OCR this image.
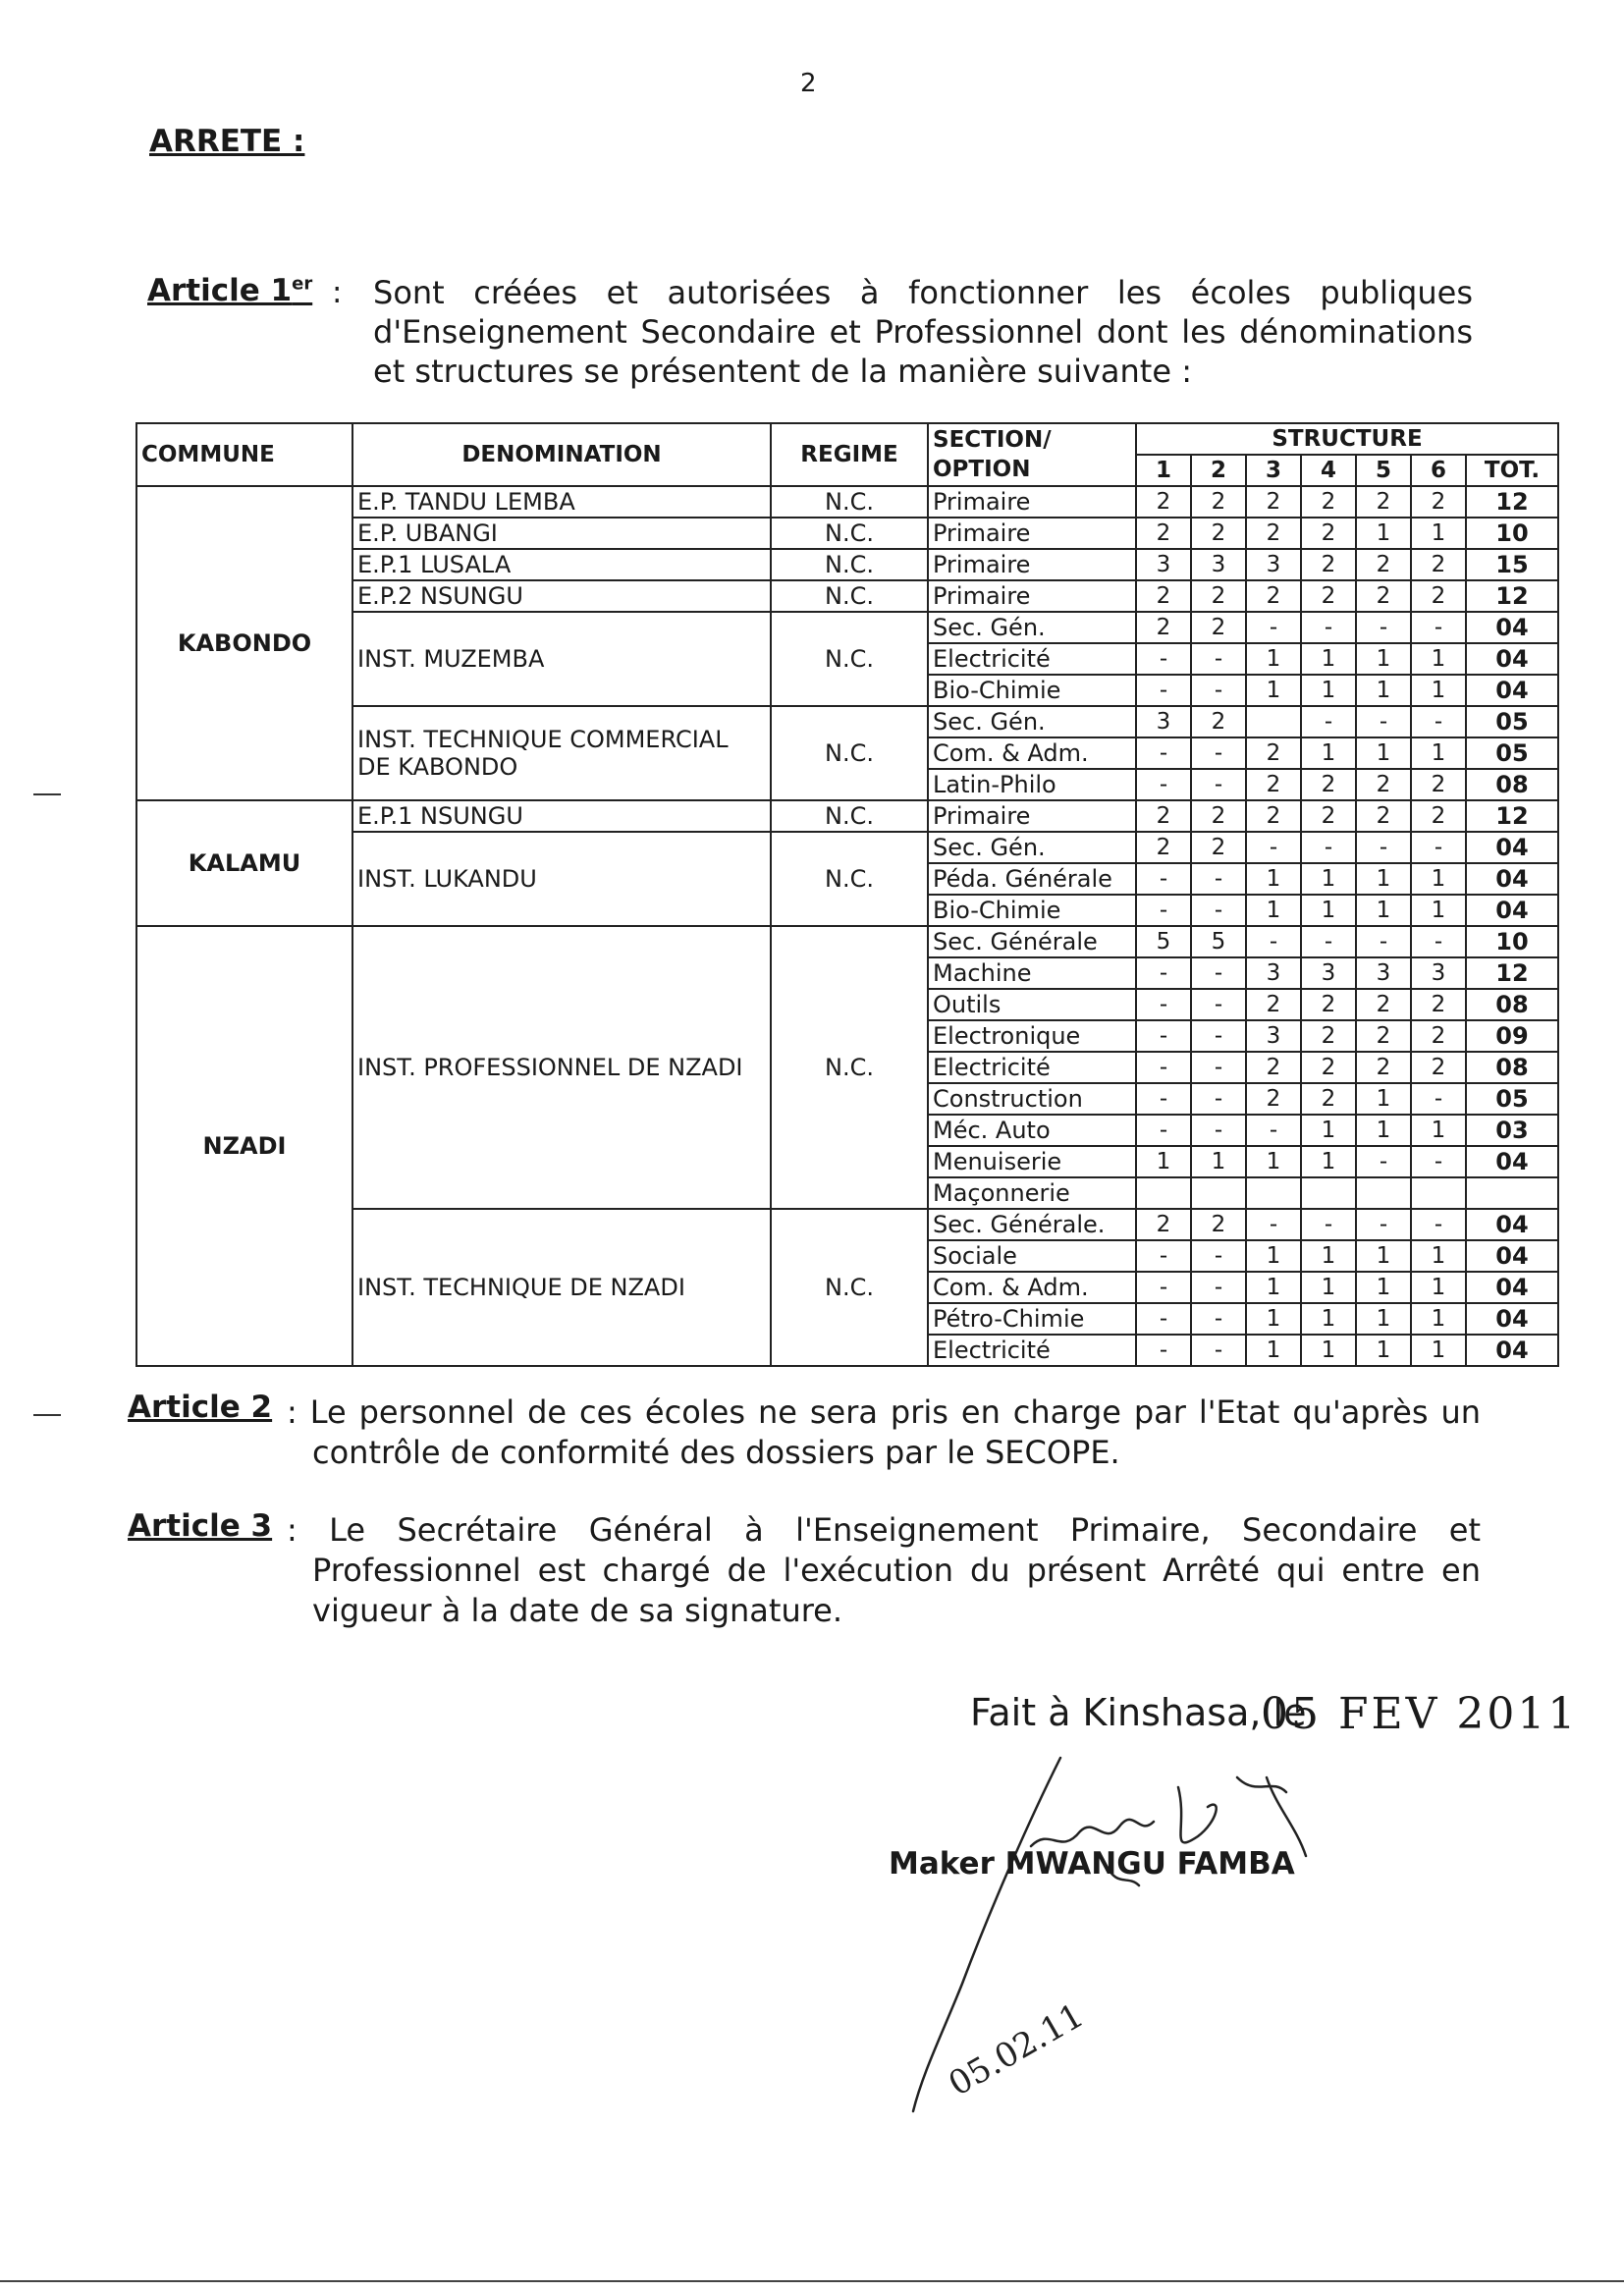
2
ARRETE :
Article 1er : Sont créées et autorisées à fonctionner les écoles publiques d'Enseignement Secondaire et Professionnel dont les dénominations et structures se présentent de la manière suivante :
COMMUNE	DENOMINATION	REGIME	SECTION/ OPTION	STRUCTURE						
				1	2	3	4	5	6	TOT.
KABONDO	E.P. TANDU LEMBA	N.C.	Primaire	2	2	2	2	2	2	12
	E.P. UBANGI	N.C.	Primaire	2	2	2	2	1	1	10
	E.P.1 LUSALA	N.C.	Primaire	3	3	3	2	2	2	15
	E.P.2 NSUNGU	N.C.	Primaire	2	2	2	2	2	2	12
	INST. MUZEMBA	N.C.	Sec. Gén.	2	2	-	-	-	-	04
			Electricité	-	-	1	1	1	1	04
			Bio-Chimie	-	-	1	1	1	1	04
	INST. TECHNIQUE COMMERCIAL DE KABONDO	N.C.	Sec. Gén.	3	2		-	-	-	05
			Com. & Adm.	-	-	2	1	1	1	05
			Latin-Philo	-	-	2	2	2	2	08
KALAMU	E.P.1 NSUNGU	N.C.	Primaire	2	2	2	2	2	2	12
	INST. LUKANDU	N.C.	Sec. Gén.	2	2	-	-	-	-	04
			Péda. Générale	-	-	1	1	1	1	04
			Bio-Chimie	-	-	1	1	1	1	04
NZADI	INST. PROFESSIONNEL DE NZADI	N.C.	Sec. Générale	5	5	-	-	-	-	10
			Machine	-	-	3	3	3	3	12
			Outils	-	-	2	2	2	2	08
			Electronique	-	-	3	2	2	2	09
			Electricité	-	-	2	2	2	2	08
			Construction	-	-	2	2	1	-	05
			Méc. Auto	-	-	-	1	1	1	03
			Menuiserie	1	1	1	1	-	-	04
			Maçonnerie							
	INST. TECHNIQUE DE NZADI	N.C.	Sec. Générale.	2	2	-	-	-	-	04
			Sociale	-	-	1	1	1	1	04
			Com. & Adm.	-	-	1	1	1	1	04
			Pétro-Chimie	-	-	1	1	1	1	04
			Electricité	-	-	1	1	1	1	04
Article 2 : Le personnel de ces écoles ne sera pris en charge par l'Etat qu'après un contrôle de conformité des dossiers par le SECOPE.
Article 3 : Le Secrétaire Général à l'Enseignement Primaire, Secondaire et Professionnel est chargé de l'exécution du présent Arrêté qui entre en vigueur à la date de sa signature.
Fait à Kinshasa, le
05 FEV 2011
05.02.11
Maker MWANGU FAMBA
